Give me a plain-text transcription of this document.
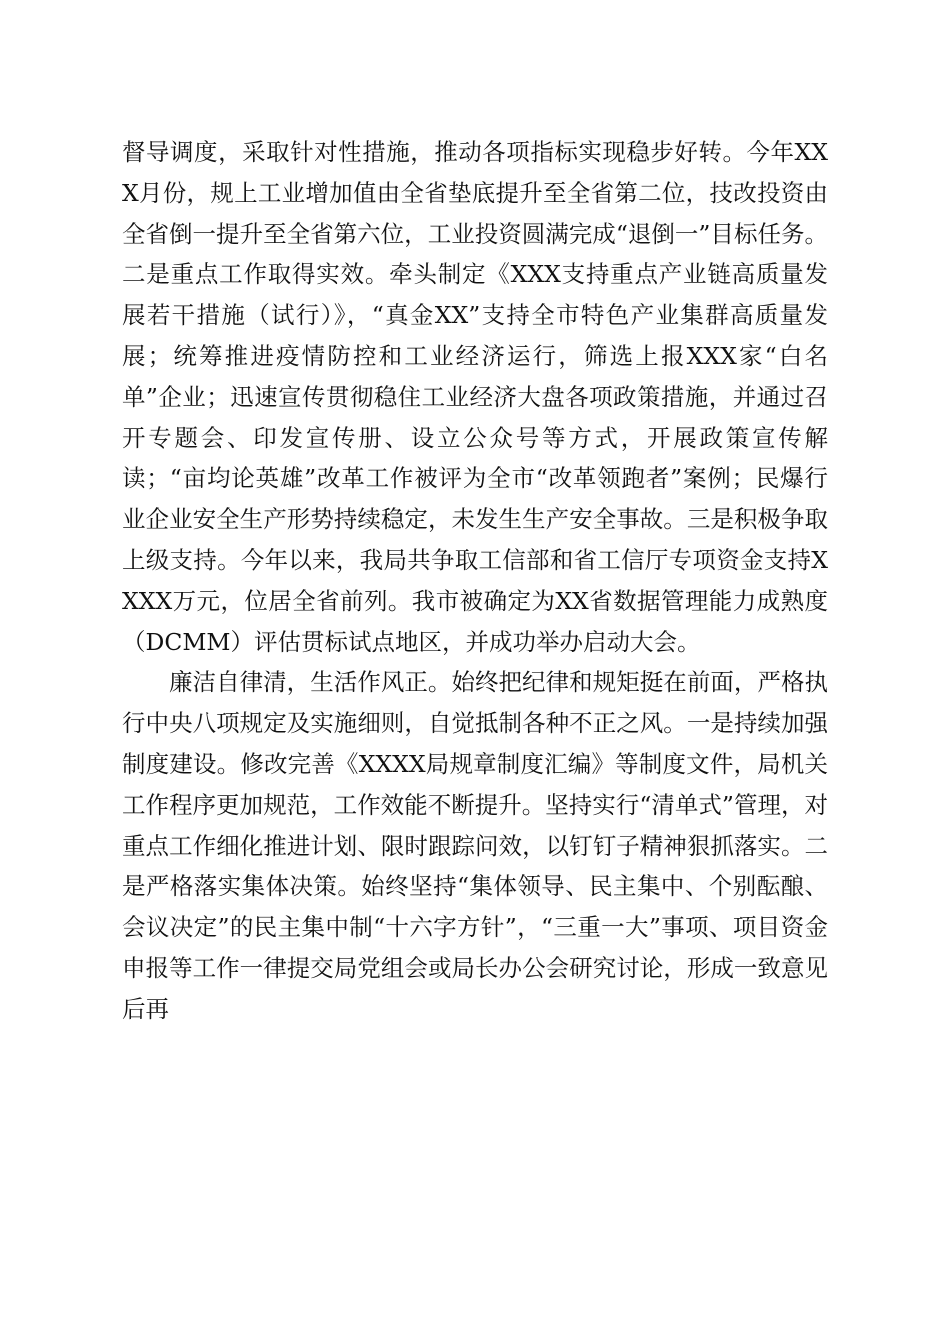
督导调度，采取针对性措施，推动各项指标实现稳步好转。今年XXX月份，规上工业增加值由全省垫底提升至全省第二位，技改投资由全省倒一提升至全省第六位，工业投资圆满完成“退倒一”目标任务。二是重点工作取得实效。牵头制定《XXX支持重点产业链高质量发展若干措施（试行）》，“真金XX”支持全市特色产业集群高质量发展；统筹推进疫情防控和工业经济运行，筛选上报XXX家“白名单”企业；迅速宣传贯彻稳住工业经济大盘各项政策措施，并通过召开专题会、印发宣传册、设立公众号等方式，开展政策宣传解读；“亩均论英雄”改革工作被评为全市“改革领跑者”案例；民爆行业企业安全生产形势持续稳定，未发生生产安全事故。三是积极争取上级支持。今年以来，我局共争取工信部和省工信厅专项资金支持XXXX万元，位居全省前列。我市被确定为XX省数据管理能力成熟度（DCMM）评估贯标试点地区，并成功举办启动大会。

廉洁自律清，生活作风正。始终把纪律和规矩挺在前面，严格执行中央八项规定及实施细则，自觉抵制各种不正之风。一是持续加强制度建设。修改完善《XXXX局规章制度汇编》等制度文件，局机关工作程序更加规范，工作效能不断提升。坚持实行“清单式”管理，对重点工作细化推进计划、限时跟踪问效，以钉钉子精神狠抓落实。二是严格落实集体决策。始终坚持“集体领导、民主集中、个别酝酿、会议决定”的民主集中制“十六字方针”，“三重一大”事项、项目资金申报等工作一律提交局党组会或局长办公会研究讨论，形成一致意见后再
